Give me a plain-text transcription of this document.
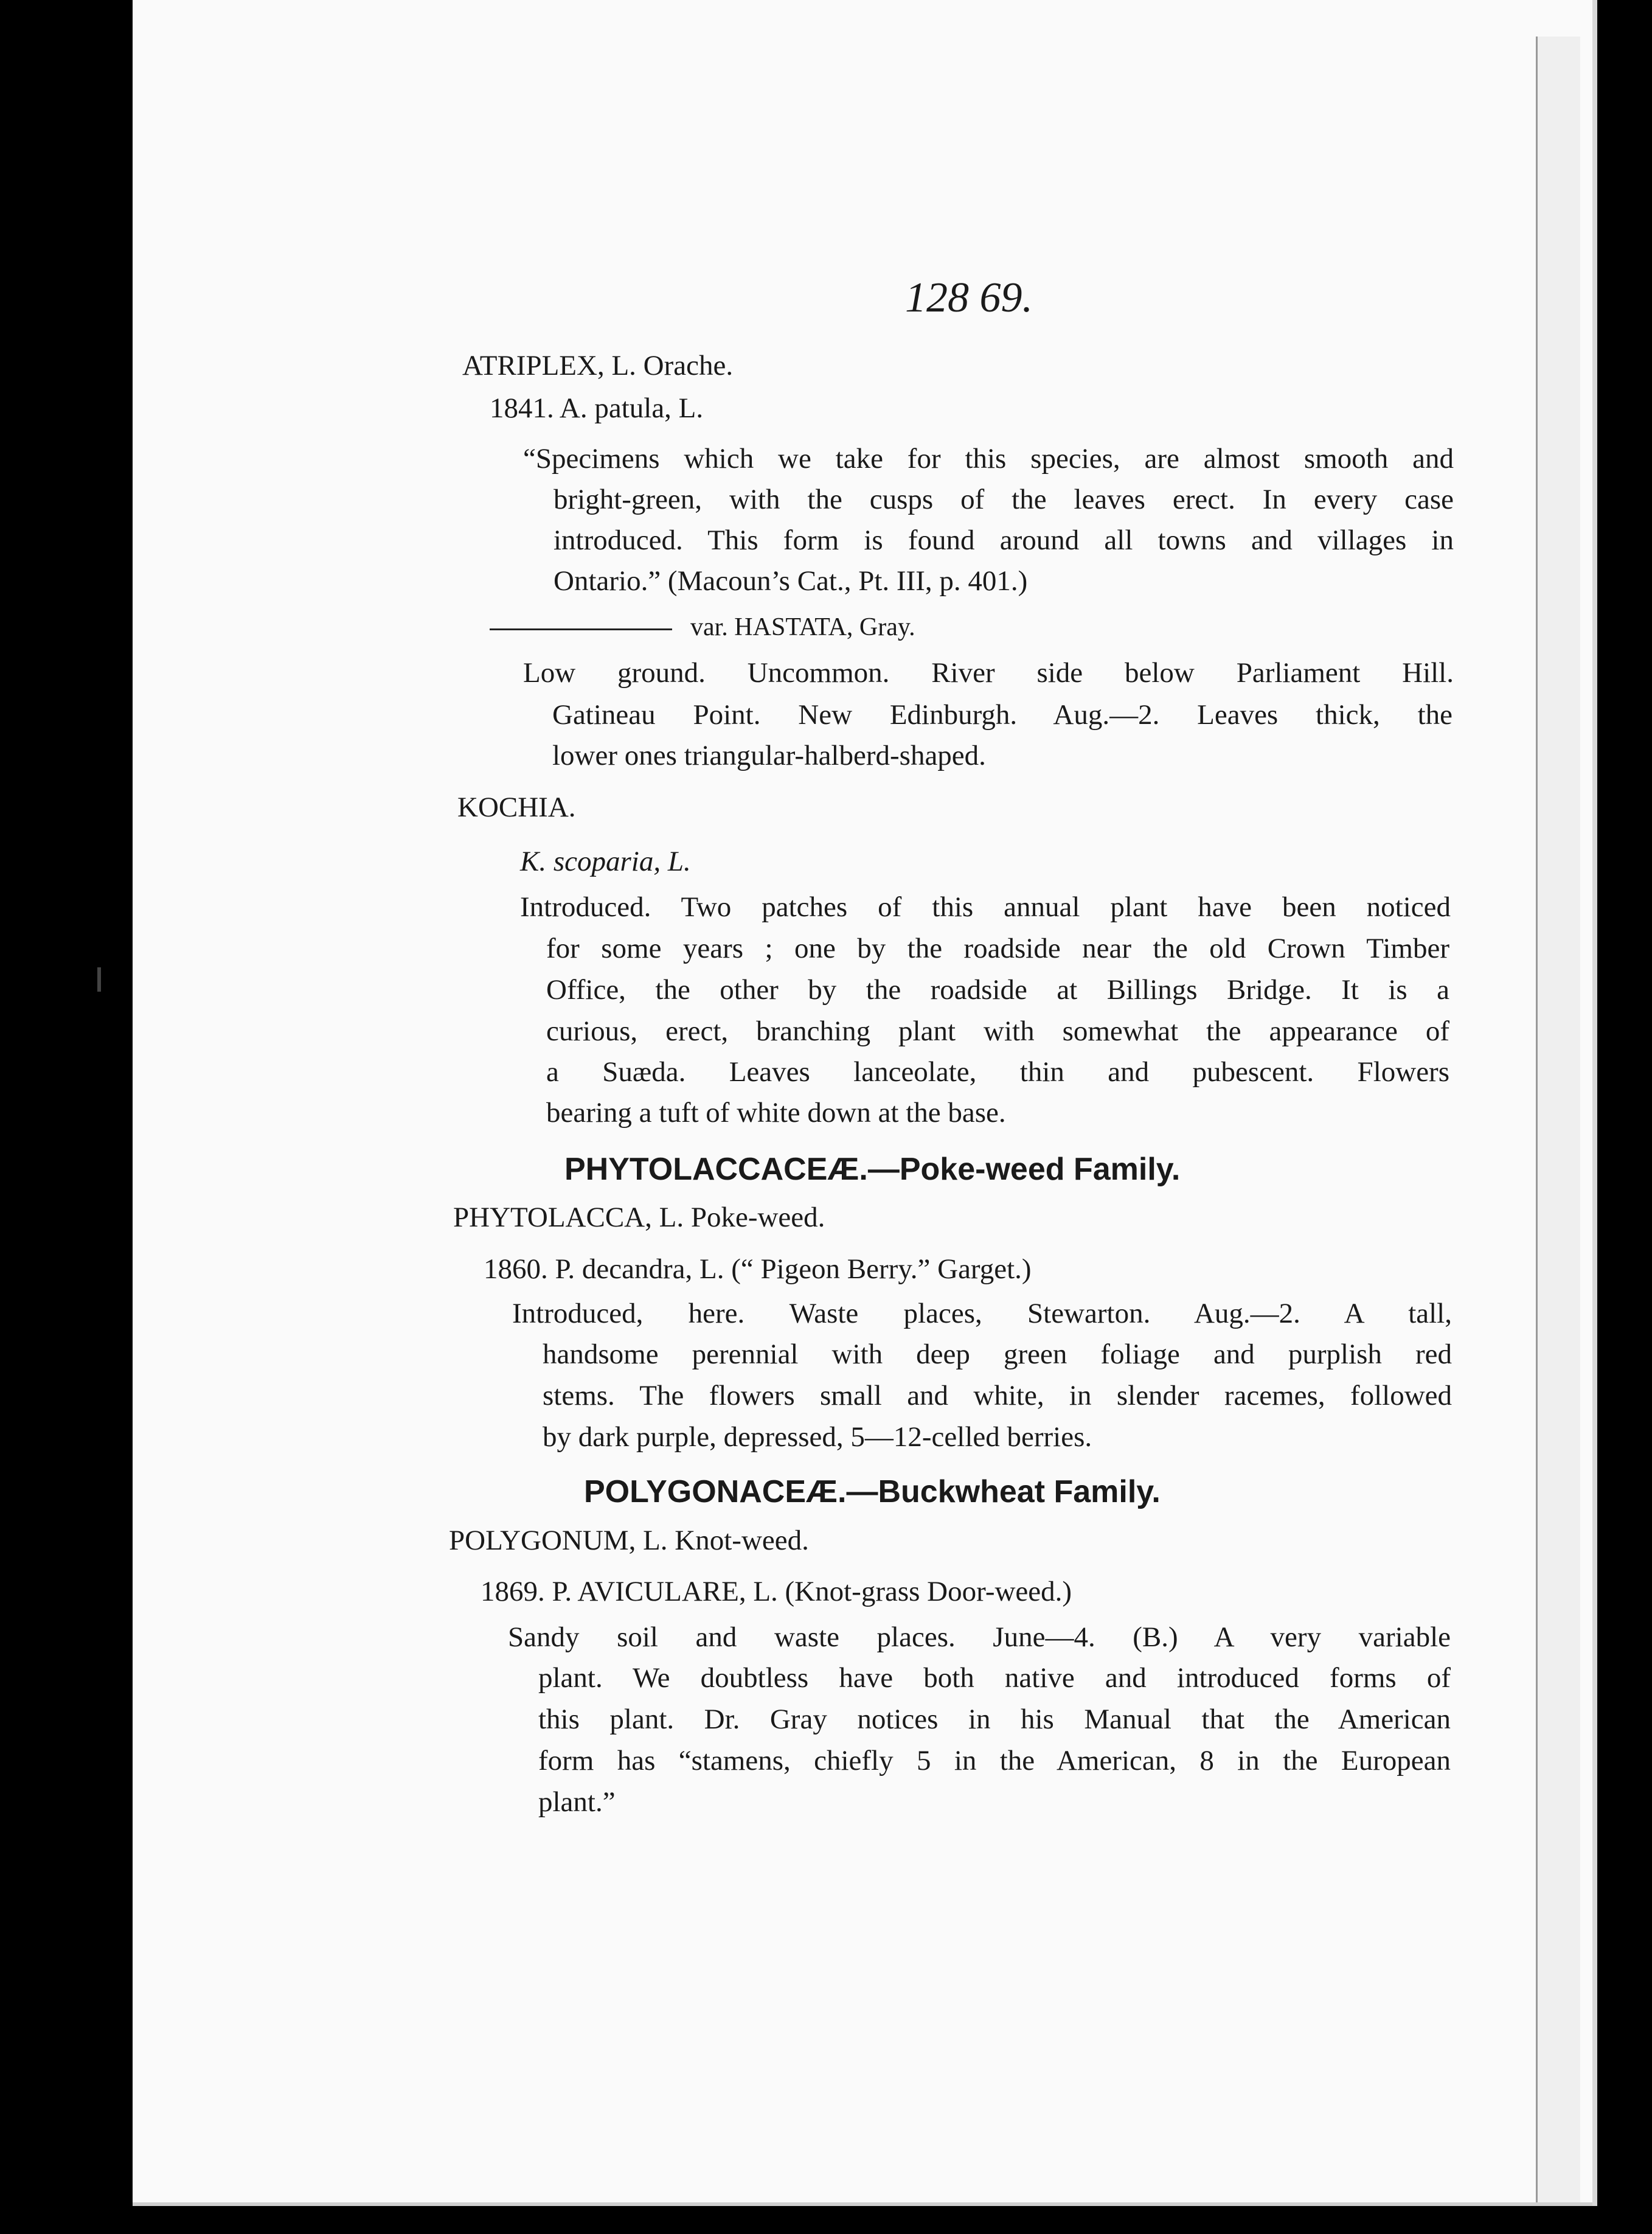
128 69.
ATRIPLEX, L. Orache.
1841. A. patula, L.
“Specimens which we take for this species, are almost smooth and
bright-green, with the cusps of the leaves erect. In every case
introduced. This form is found around all towns and villages in
Ontario.” (Macoun’s Cat., Pt. III, p. 401.)
var. HASTATA, Gray.
Low ground. Uncommon. River side below Parliament Hill.
Gatineau Point. New Edinburgh. Aug.—2. Leaves thick, the
lower ones triangular-halberd-shaped.
KOCHIA.
K. scoparia, L.
Introduced. Two patches of this annual plant have been noticed
for some years ; one by the roadside near the old Crown Timber
Office, the other by the roadside at Billings Bridge. It is a
curious, erect, branching plant with somewhat the appearance of
a Suæda. Leaves lanceolate, thin and pubescent. Flowers
bearing a tuft of white down at the base.
PHYTOLACCACEÆ.—Poke-weed Family.
PHYTOLACCA, L. Poke-weed.
1860. P. decandra, L. (“ Pigeon Berry.” Garget.)
Introduced, here. Waste places, Stewarton. Aug.—2. A tall,
handsome perennial with deep green foliage and purplish red
stems. The flowers small and white, in slender racemes, followed
by dark purple, depressed, 5—12-celled berries.
POLYGONACEÆ.—Buckwheat Family.
POLYGONUM, L. Knot-weed.
1869. P. AVICULARE, L. (Knot-grass Door-weed.)
Sandy soil and waste places. June—4. (B.) A very variable
plant. We doubtless have both native and introduced forms of
this plant. Dr. Gray notices in his Manual that the American
form has “stamens, chiefly 5 in the American, 8 in the European
plant.”
